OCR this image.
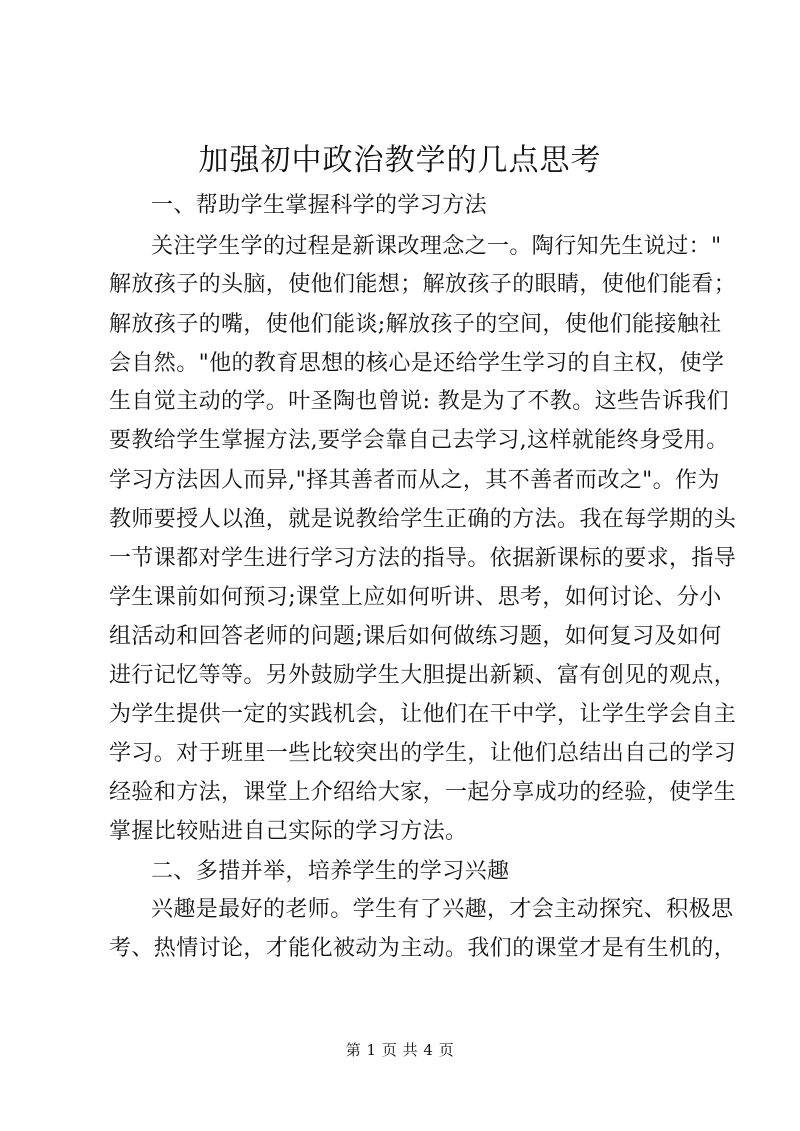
加强初中政治教学的几点思考

一、帮助学生掌握科学的学习方法

关注学生学的过程是新课改理念之一。陶行知先生说过："

解放孩子的头脑，使他们能想；解放孩子的眼睛，使他们能看；

解放孩子的嘴，使他们能谈;解放孩子的空间，使他们能接触社

会自然。"他的教育思想的核心是还给学生学习的自主权，使学

生自觉主动的学。叶圣陶也曾说: 教是为了不教。这些告诉我们

要教给学生掌握方法,要学会靠自己去学习,这样就能终身受用。

学习方法因人而异,"择其善者而从之，其不善者而改之"。作为

教师要授人以渔，就是说教给学生正确的方法。我在每学期的头

一节课都对学生进行学习方法的指导。依据新课标的要求，指导

学生课前如何预习;课堂上应如何听讲、思考，如何讨论、分小

组活动和回答老师的问题;课后如何做练习题，如何复习及如何

进行记忆等等。另外鼓励学生大胆提出新颖、富有创见的观点，

为学生提供一定的实践机会，让他们在干中学，让学生学会自主

学习。对于班里一些比较突出的学生，让他们总结出自己的学习

经验和方法，课堂上介绍给大家，一起分享成功的经验，使学生

掌握比较贴进自己实际的学习方法。

二、多措并举，培养学生的学习兴趣

兴趣是最好的老师。学生有了兴趣，才会主动探究、积极思

考、热情讨论，才能化被动为主动。我们的课堂才是有生机的，

第 1 页 共 4 页
